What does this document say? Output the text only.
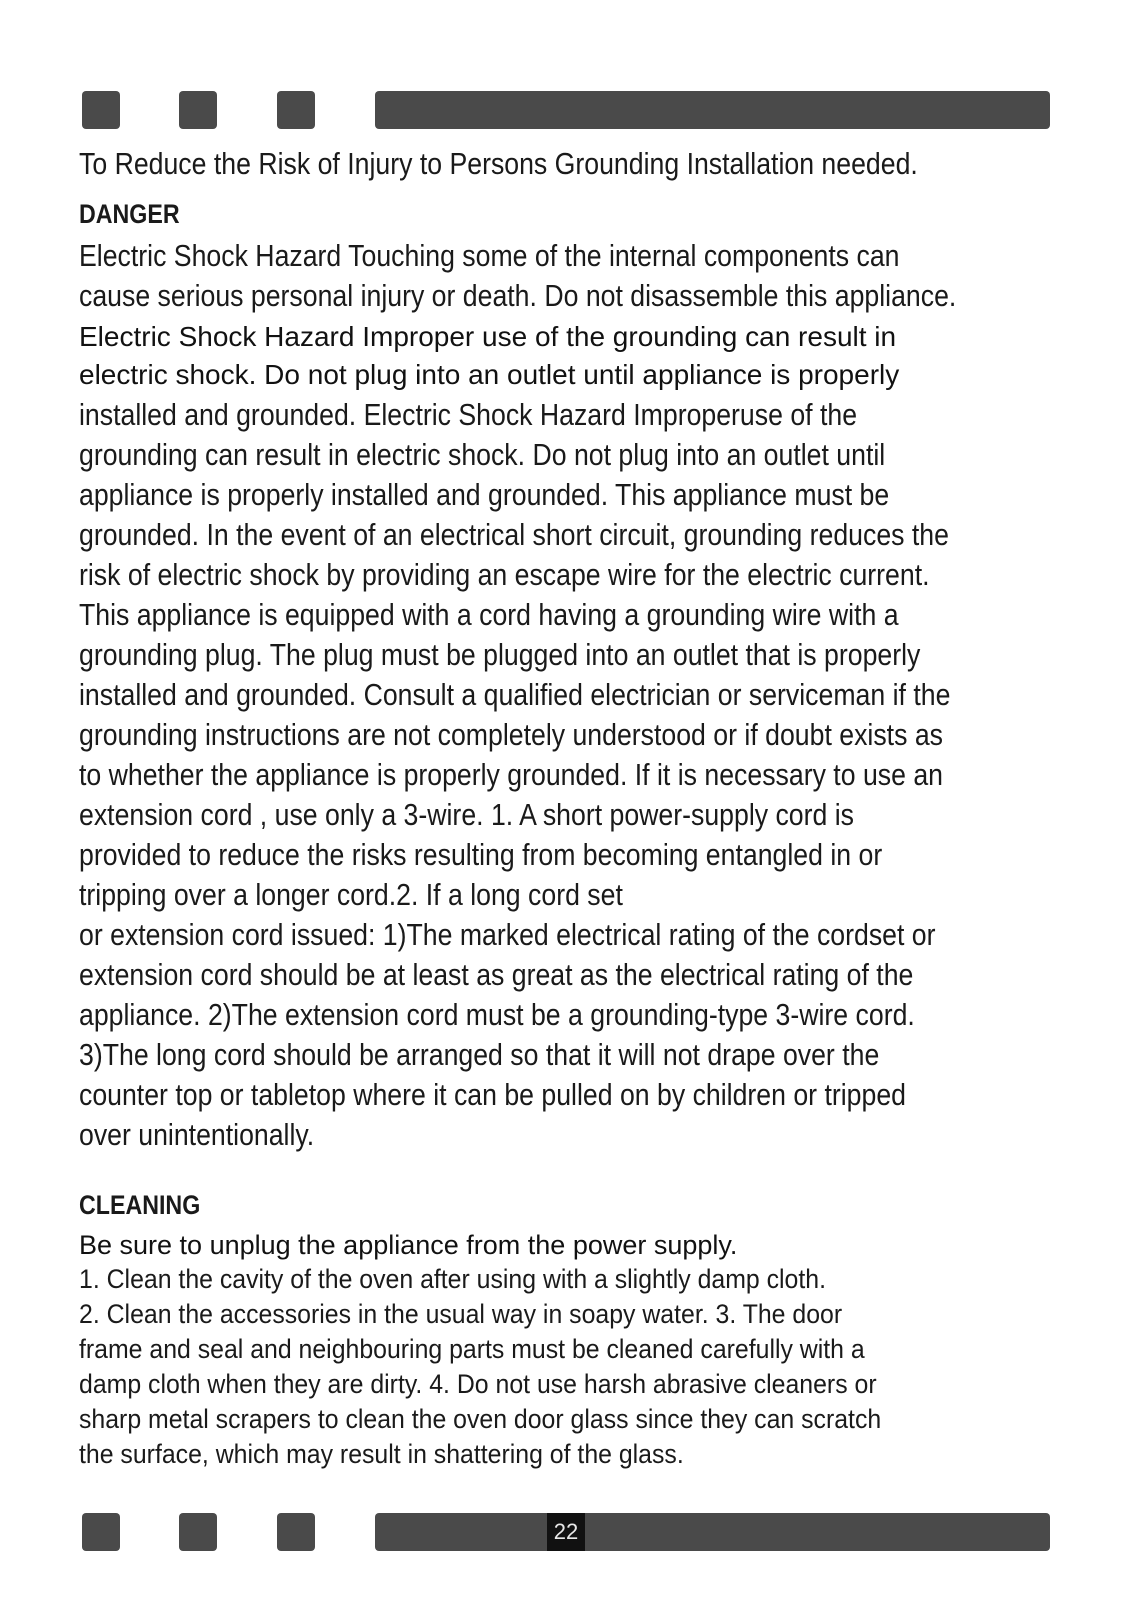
To Reduce the Risk of Injury to Persons Grounding Installation needed.
DANGER
Electric Shock Hazard Touching some of the internal components can
cause serious personal injury or death. Do not disassemble this appliance.
Electric Shock Hazard Improper use of the grounding can result in
electric shock. Do not plug into an outlet until appliance is properly
installed and grounded. Electric Shock Hazard Improperuse of the
grounding can result in electric shock. Do not plug into an outlet until
appliance is properly installed and grounded. This appliance must be
grounded. In the event of an electrical short circuit, grounding reduces the
risk of electric shock by providing an escape wire for the electric current.
This appliance is equipped with a cord having a grounding wire with a
grounding plug. The plug must be plugged into an outlet that is properly
installed and grounded. Consult a qualified electrician or serviceman if the
grounding instructions are not completely understood or if doubt exists as
to whether the appliance is properly grounded. If it is necessary to use an
extension cord , use only a 3-wire. 1. A short power-supply cord is
provided to reduce the risks resulting from becoming entangled in or
tripping over a longer cord.2. If a long cord set
or extension cord issued: 1)The marked electrical rating of the cordset or
extension cord should be at least as great as the electrical rating of the
appliance. 2)The extension cord must be a grounding-type 3-wire cord.
3)The long cord should be arranged so that it will not drape over the
counter top or tabletop where it can be pulled on by children or tripped
over unintentionally.
CLEANING
Be sure to unplug the appliance from the power supply.
1. Clean the cavity of the oven after using with a slightly damp cloth.
2. Clean the accessories in the usual way in soapy water. 3. The door
frame and seal and neighbouring parts must be cleaned carefully with a
damp cloth when they are dirty. 4. Do not use harsh abrasive cleaners or
sharp metal scrapers to clean the oven door glass since they can scratch
the surface, which may result in shattering of the glass.
22
